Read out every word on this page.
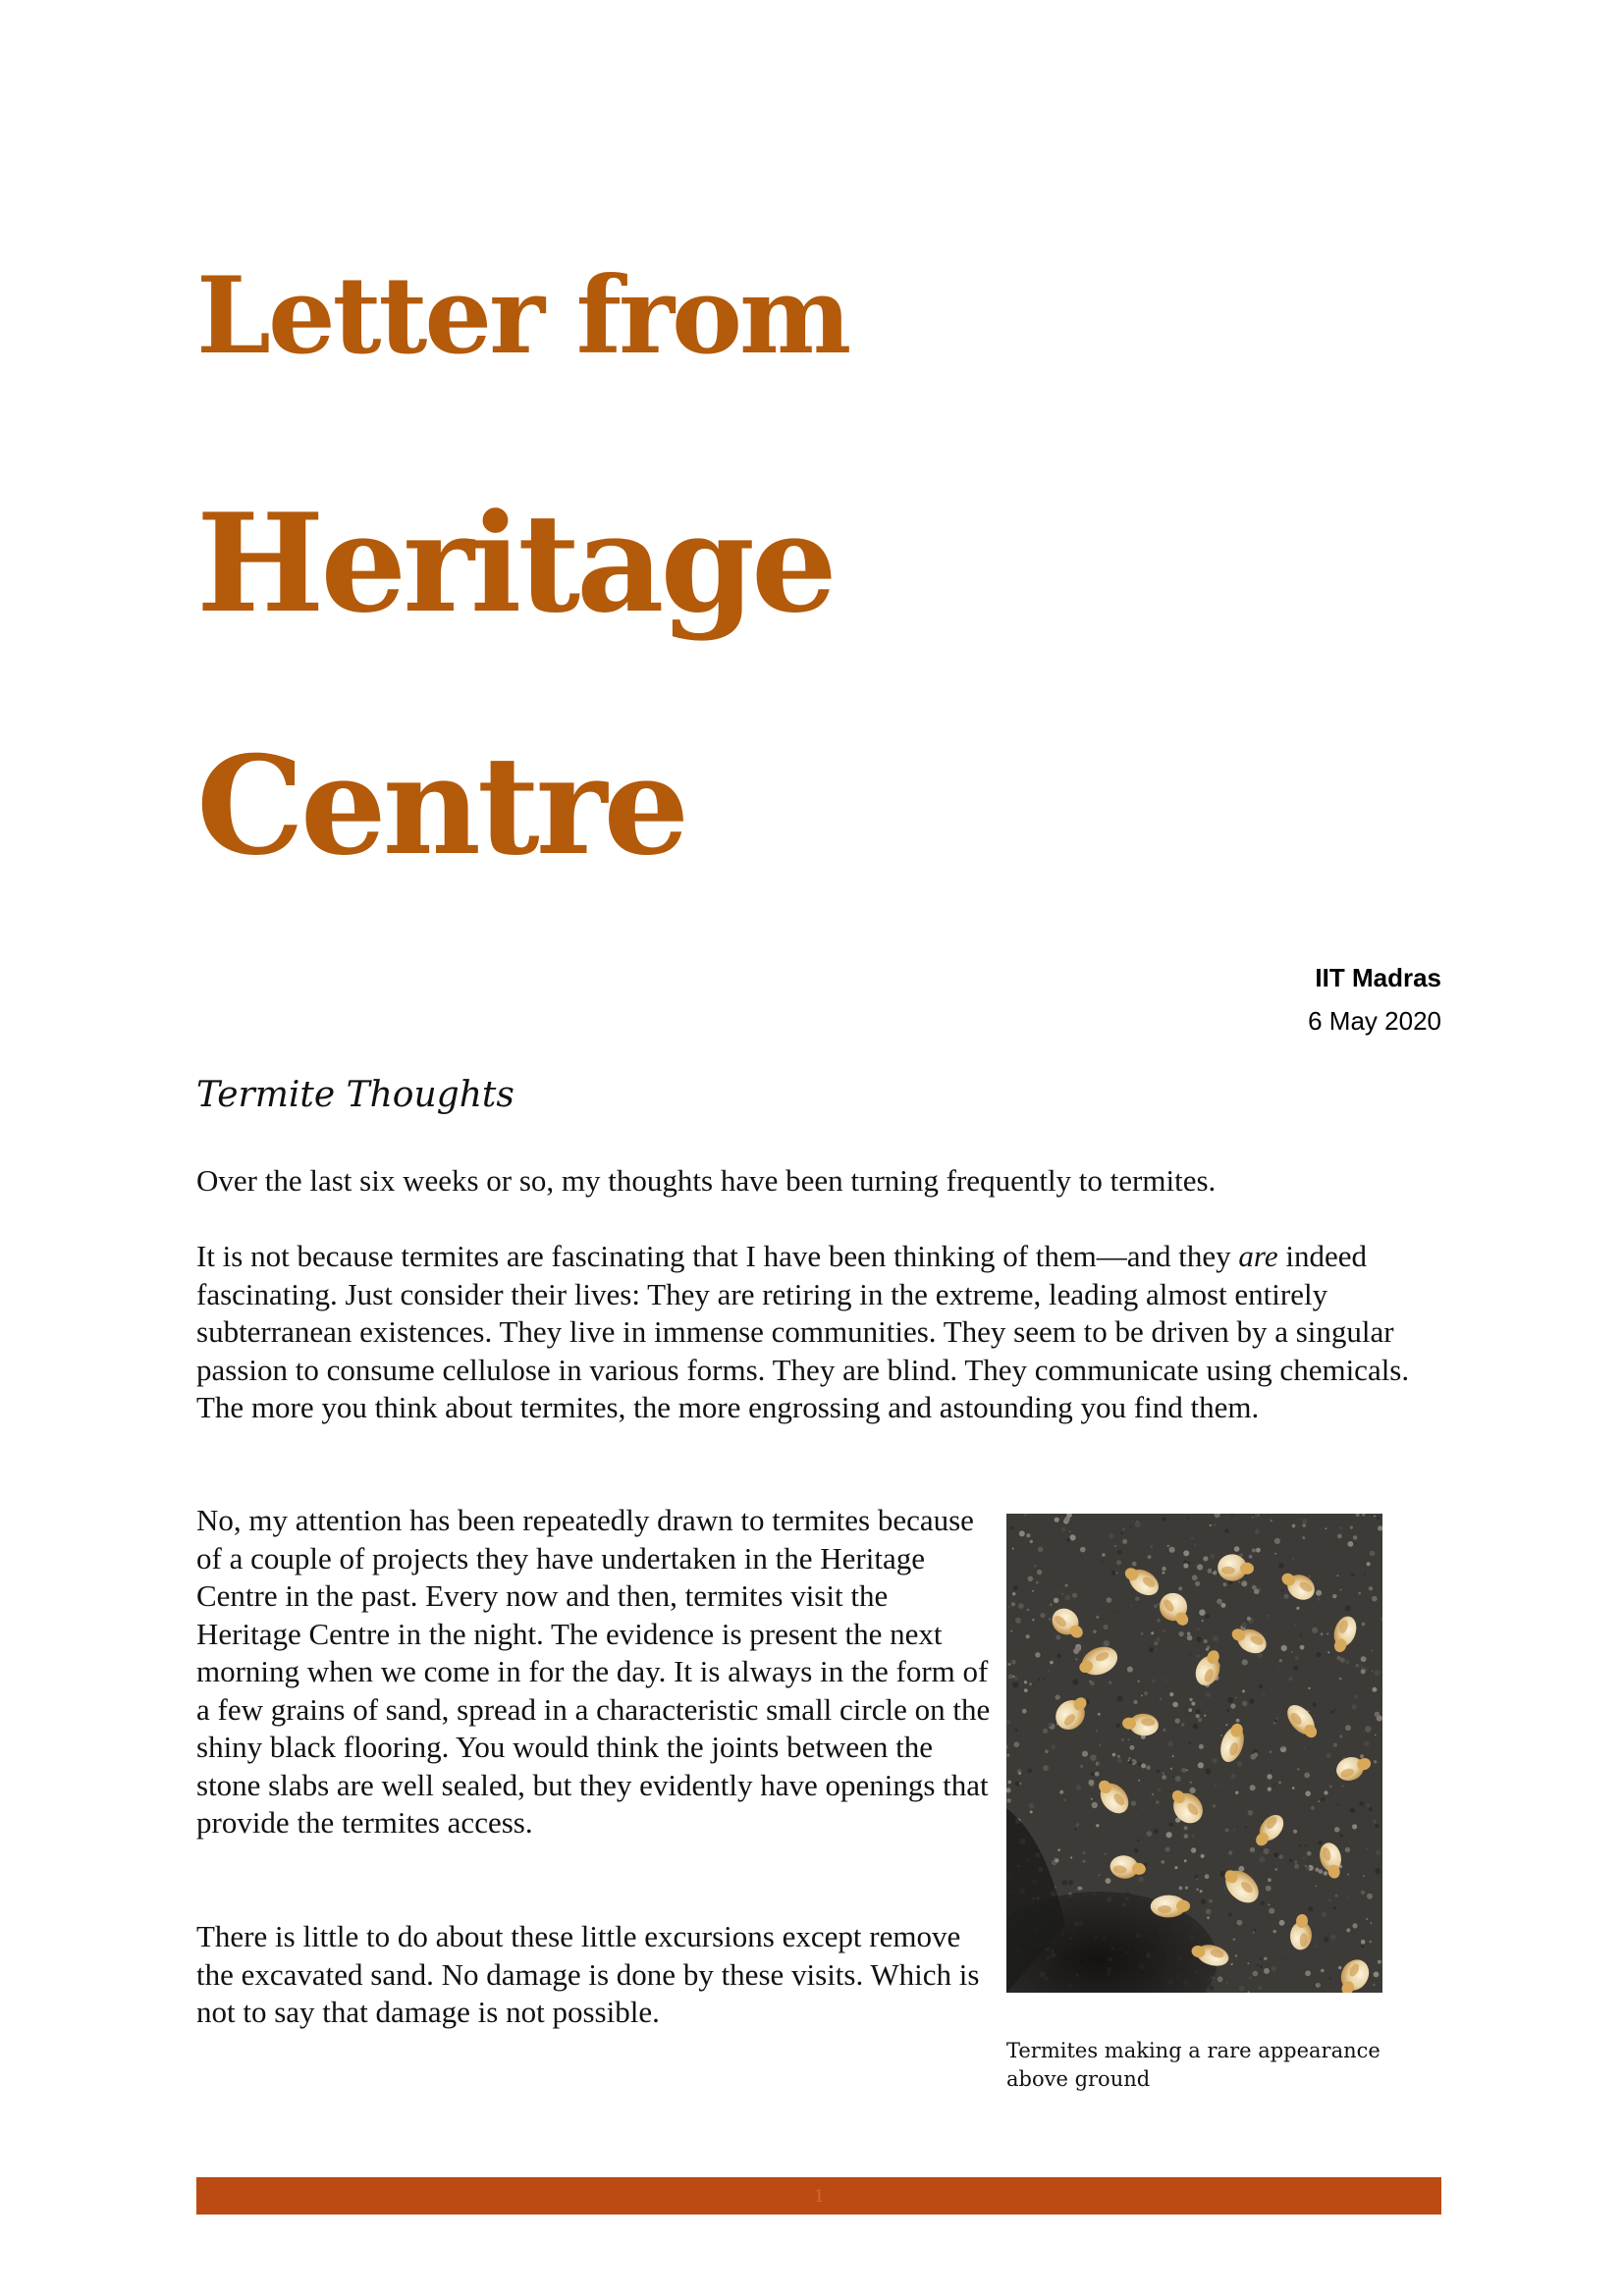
Letter from
Heritage
Centre
IIT Madras
6 May 2020
Termite Thoughts

Over the last six weeks or so, my thoughts have been turning frequently to termites.

It is not because termites are fascinating that I have been thinking of them—and they are indeed fascinating. Just consider their lives: They are retiring in the extreme, leading almost entirely subterranean existences. They live in immense communities. They seem to be driven by a singular passion to consume cellulose in various forms. They are blind. They communicate using chemicals. The more you think about termites, the more engrossing and astounding you find them.

No, my attention has been repeatedly drawn to termites because of a couple of projects they have undertaken in the Heritage Centre in the past. Every now and then, termites visit the Heritage Centre in the night. The evidence is present the next morning when we come in for the day. It is always in the form of a few grains of sand, spread in a characteristic small circle on the shiny black flooring. You would think the joints between the stone slabs are well sealed, but they evidently have openings that provide the termites access.

There is little to do about these little excursions except remove the excavated sand. No damage is done by these visits. Which is not to say that damage is not possible.

Termites making a rare appearance above ground

1
